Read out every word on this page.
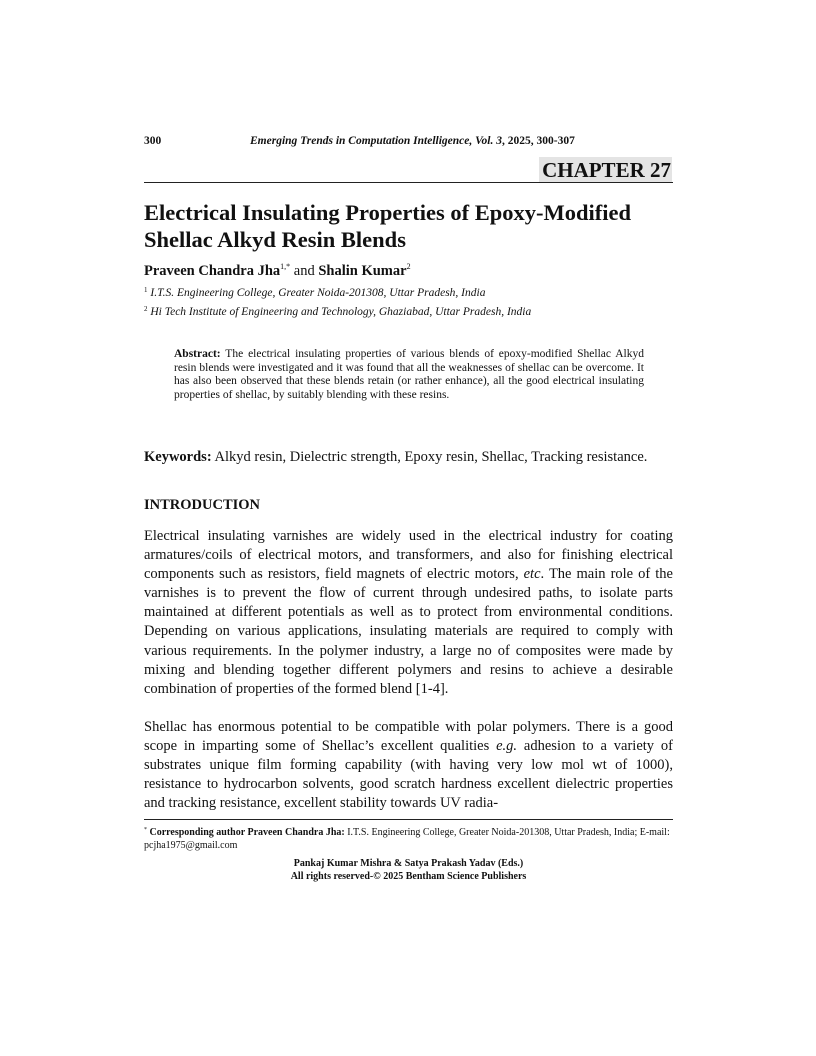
300	Emerging Trends in Computation Intelligence, Vol. 3, 2025, 300-307
CHAPTER 27
Electrical Insulating Properties of Epoxy-Modified Shellac Alkyd Resin Blends
Praveen Chandra Jha$^{1,*}$ and Shalin Kumar$^2$
$^1$ I.T.S. Engineering College, Greater Noida-201308, Uttar Pradesh, India
$^2$ Hi Tech Institute of Engineering and Technology, Ghaziabad, Uttar Pradesh, India

Abstract: The electrical insulating properties of various blends of epoxy-modified Shellac Alkyd resin blends were investigated and it was found that all the weaknesses of shellac can be overcome. It has also been observed that these blends retain (or rather enhance), all the good electrical insulating properties of shellac, by suitably blending with these resins.

Keywords: Alkyd resin, Dielectric strength, Epoxy resin, Shellac, Tracking resistance.

INTRODUCTION

Electrical insulating varnishes are widely used in the electrical industry for coating armatures/coils of electrical motors, and transformers, and also for finishing electrical components such as resistors, field magnets of electric motors, etc. The main role of the varnishes is to prevent the flow of current through undesired paths, to isolate parts maintained at different potentials as well as to protect from environmental conditions. Depending on various applications, insulating materials are required to comply with various requirements. In the polymer industry, a large no of composites were made by mixing and blending together different polymers and resins to achieve a desirable combination of properties of the formed blend [1-4].

Shellac has enormous potential to be compatible with polar polymers. There is a good scope in imparting some of Shellac’s excellent qualities e.g. adhesion to a variety of substrates unique film forming capability (with having very low mol wt of 1000), resistance to hydrocarbon solvents, good scratch hardness excellent dielectric properties and tracking resistance, excellent stability towards UV radia-

* Corresponding author Praveen Chandra Jha: I.T.S. Engineering College, Greater Noida-201308, Uttar Pradesh, India; E-mail: pcjha1975@gmail.com

Pankaj Kumar Mishra & Satya Prakash Yadav (Eds.)
All rights reserved-© 2025 Bentham Science Publishers
